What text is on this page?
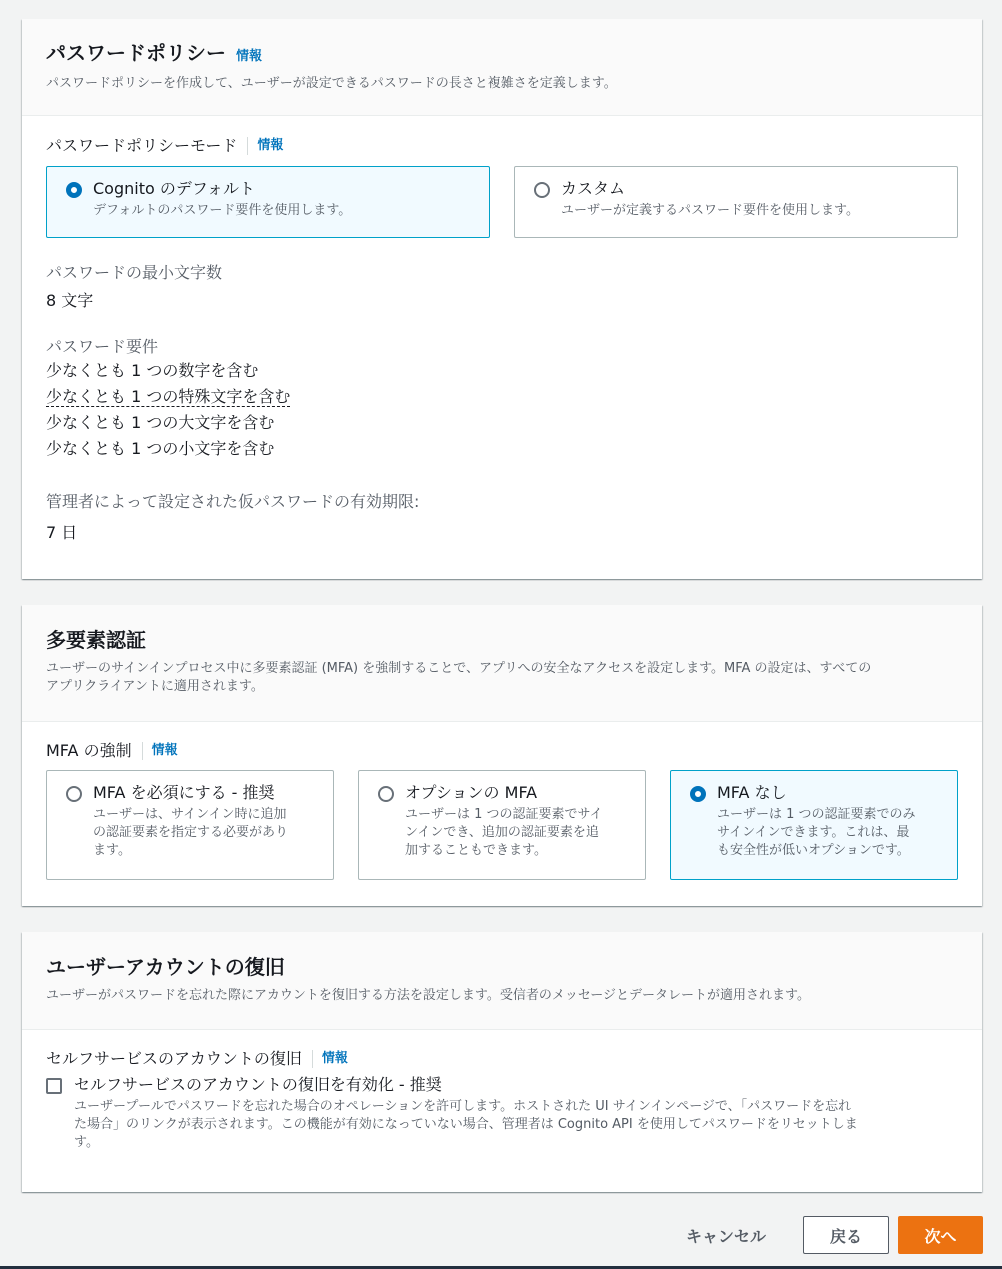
パスワードポリシー 情報
パスワードポリシーを作成して、ユーザーが設定できるパスワードの長さと複雑さを定義します。
パスワードポリシーモード 情報
Cognito のデフォルト
デフォルトのパスワード要件を使用します。
カスタム
ユーザーが定義するパスワード要件を使用します。
パスワードの最小文字数
8 文字
パスワード要件
少なくとも 1 つの数字を含む
少なくとも 1 つの特殊文字を含む
少なくとも 1 つの大文字を含む
少なくとも 1 つの小文字を含む
管理者によって設定された仮パスワードの有効期限:
7 日
多要素認証
ユーザーのサインインプロセス中に多要素認証 (MFA) を強制することで、アプリへの安全なアクセスを設定します。MFA の設定は、すべての
アプリクライアントに適用されます。
MFA の強制 情報
MFA を必須にする - 推奨
ユーザーは、サインイン時に追加
の認証要素を指定する必要があり
ます。
オプションの MFA
ユーザーは 1 つの認証要素でサイ
ンインでき、追加の認証要素を追
加することもできます。
MFA なし
ユーザーは 1 つの認証要素でのみ
サインインできます。これは、最
も安全性が低いオプションです。
ユーザーアカウントの復旧
ユーザーがパスワードを忘れた際にアカウントを復旧する方法を設定します。受信者のメッセージとデータレートが適用されます。
セルフサービスのアカウントの復旧 情報
セルフサービスのアカウントの復旧を有効化 - 推奨
ユーザープールでパスワードを忘れた場合のオペレーションを許可します。ホストされた UI サインインページで、「パスワードを忘れ
た場合」のリンクが表示されます。この機能が有効になっていない場合、管理者は Cognito API を使用してパスワードをリセットしま
す。
キャンセル	戻る	次へ
